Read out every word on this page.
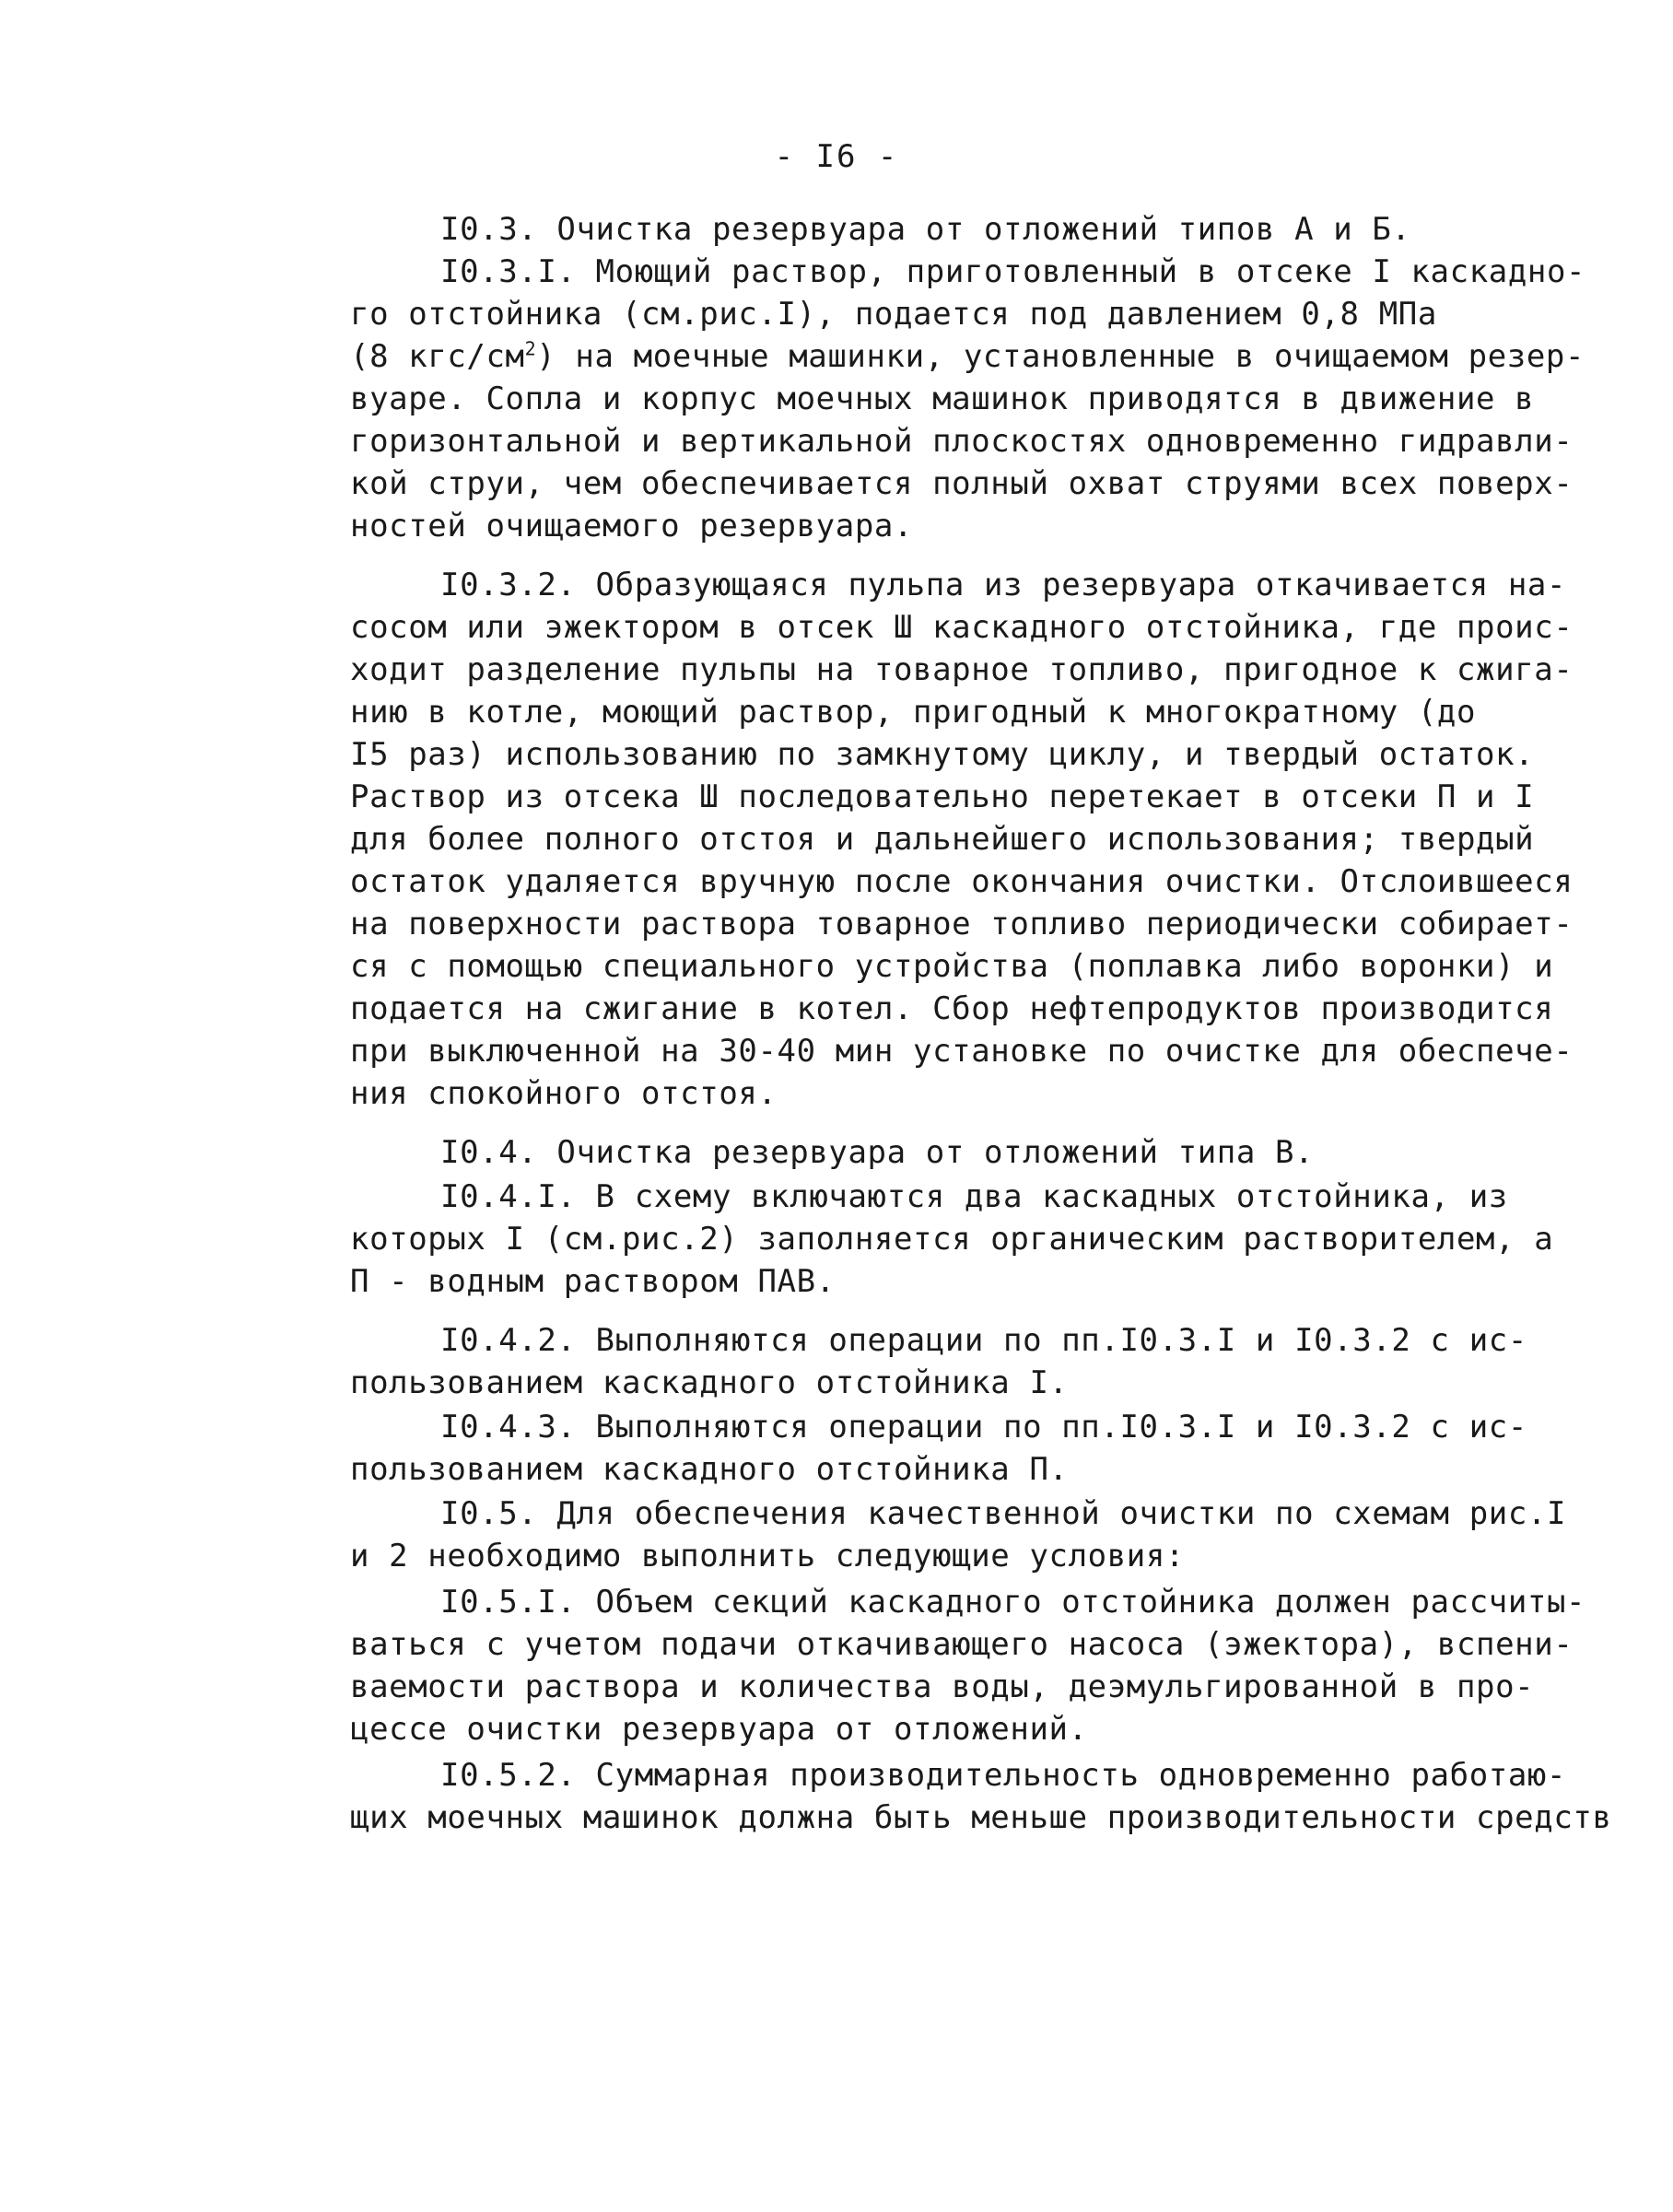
- I6 -
I0.3. Очистка резервуара от отложений типов А и Б.
I0.3.I. Моющий раствор, приготовленный в отсеке I каскадно-
го отстойника (см.рис.I), подается под давлением 0,8 МПа
(8 кгс/$см^2$) на моечные машинки, установленные в очищаемом резер-
вуаре. Сопла и корпус моечных машинок приводятся в движение в
горизонтальной и вертикальной плоскостях одновременно гидравли-
кой струи, чем обеспечивается полный охват струями всех поверх-
ностей очищаемого резервуара.
I0.3.2. Образующаяся пульпа из резервуара откачивается на-
сосом или эжектором в отсек Ш каскадного отстойника, где проис-
ходит разделение пульпы на товарное топливо, пригодное к сжига-
нию в котле, моющий раствор, пригодный к многократному (до
I5 раз) использованию по замкнутому циклу, и твердый остаток.
Раствор из отсека Ш последовательно перетекает в отсеки П и I
для более полного отстоя и дальнейшего использования; твердый
остаток удаляется вручную после окончания очистки. Отслоившееся
на поверхности раствора товарное топливо периодически собирает-
ся с помощью специального устройства (поплавка либо воронки) и
подается на сжигание в котел. Сбор нефтепродуктов производится
при выключенной на 30-40 мин установке по очистке для обеспече-
ния спокойного отстоя.
I0.4. Очистка резервуара от отложений типа В.
I0.4.I. В схему включаются два каскадных отстойника, из
которых I (см.рис.2) заполняется органическим растворителем, а
П - водным раствором ПАВ.
I0.4.2. Выполняются операции по пп.I0.3.I и I0.3.2 с ис-
пользованием каскадного отстойника I.
I0.4.3. Выполняются операции по пп.I0.3.I и I0.3.2 с ис-
пользованием каскадного отстойника П.
I0.5. Для обеспечения качественной очистки по схемам рис.I
и 2 необходимо выполнить следующие условия:
I0.5.I. Объем секций каскадного отстойника должен рассчиты-
ваться с учетом подачи откачивающего насоса (эжектора), вспени-
ваемости раствора и количества воды, деэмульгированной в про-
цессе очистки резервуара от отложений.
I0.5.2. Суммарная производительность одновременно работаю-
щих моечных машинок должна быть меньше производительности средств
